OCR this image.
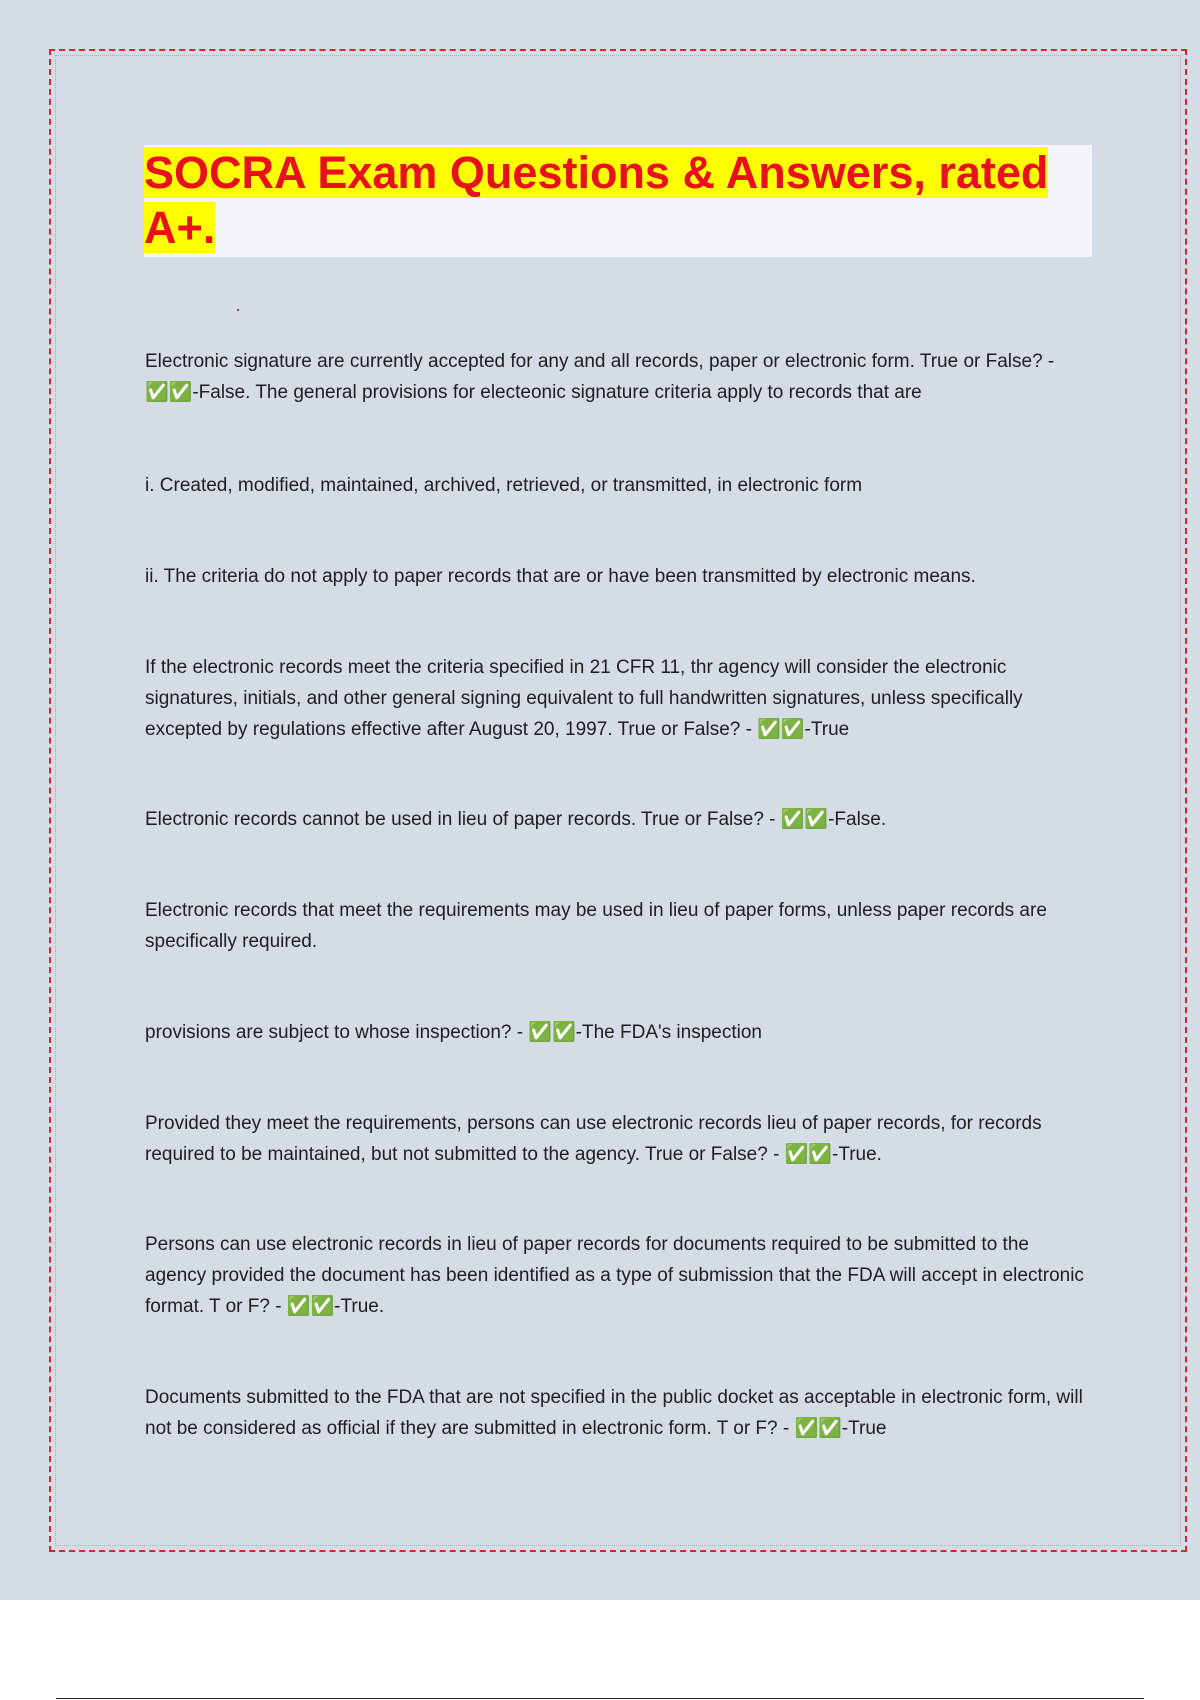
SOCRA Exam Questions & Answers, rated A+.

Electronic signature are currently accepted for any and all records, paper or electronic form. True or False? - ✅✅-False. The general provisions for electeonic signature criteria apply to records that are

i. Created, modified, maintained, archived, retrieved, or transmitted, in electronic form

ii. The criteria do not apply to paper records that are or have been transmitted by electronic means.

If the electronic records meet the criteria specified in 21 CFR 11, thr agency will consider the electronic signatures, initials, and other general signing equivalent to full handwritten signatures, unless specifically excepted by regulations effective after August 20, 1997. True or False? - ✅✅-True

Electronic records cannot be used in lieu of paper records. True or False? - ✅✅-False.

Electronic records that meet the requirements may be used in lieu of paper forms, unless paper records are specifically required.

provisions are subject to whose inspection? - ✅✅-The FDA's inspection

Provided they meet the requirements, persons can use electronic records lieu of paper records, for records required to be maintained, but not submitted to the agency. True or False? - ✅✅-True.

Persons can use electronic records in lieu of paper records for documents required to be submitted to the agency provided the document has been identified as a type of submission that the FDA will accept in electronic format. T or F? - ✅✅-True.

Documents submitted to the FDA that are not specified in the public docket as acceptable in electronic form, will not be considered as official if they are submitted in electronic form. T or F? - ✅✅-True
